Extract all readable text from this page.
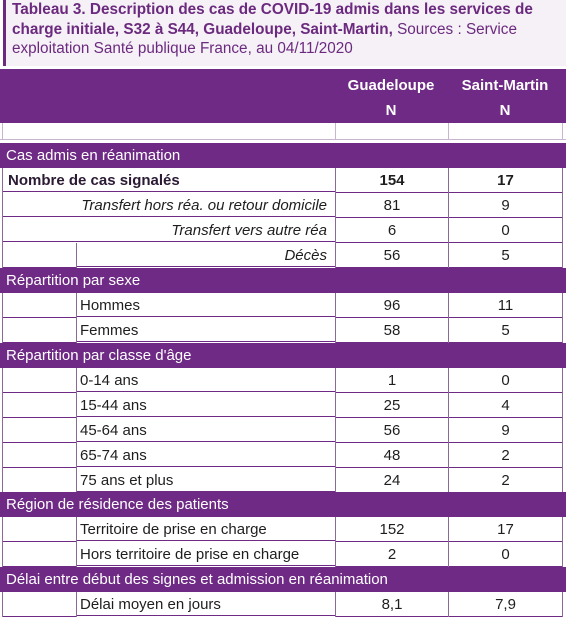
Tableau 3. Description des cas de COVID-19 admis dans les services de
charge initiale, S32 à S44, Guadeloupe, Saint-Martin, Sources : Service
exploitation Santé publique France, au 04/11/2020
Guadeloupe	Saint-Martin
N	N
Cas admis en réanimation
Nombre de cas signalés	154	17
Transfert hors réa. ou retour domicile	81	9
Transfert vers autre réa	6	0
Décès	56	5
Répartition par sexe
Hommes	96	11
Femmes	58	5
Répartition par classe d'âge
0-14 ans	1	0
15-44 ans	25	4
45-64 ans	56	9
65-74 ans	48	2
75 ans et plus	24	2
Région de résidence des patients
Territoire de prise en charge	152	17
Hors territoire de prise en charge	2	0
Délai entre début des signes et admission en réanimation
Délai moyen en jours	8,1	7,9
